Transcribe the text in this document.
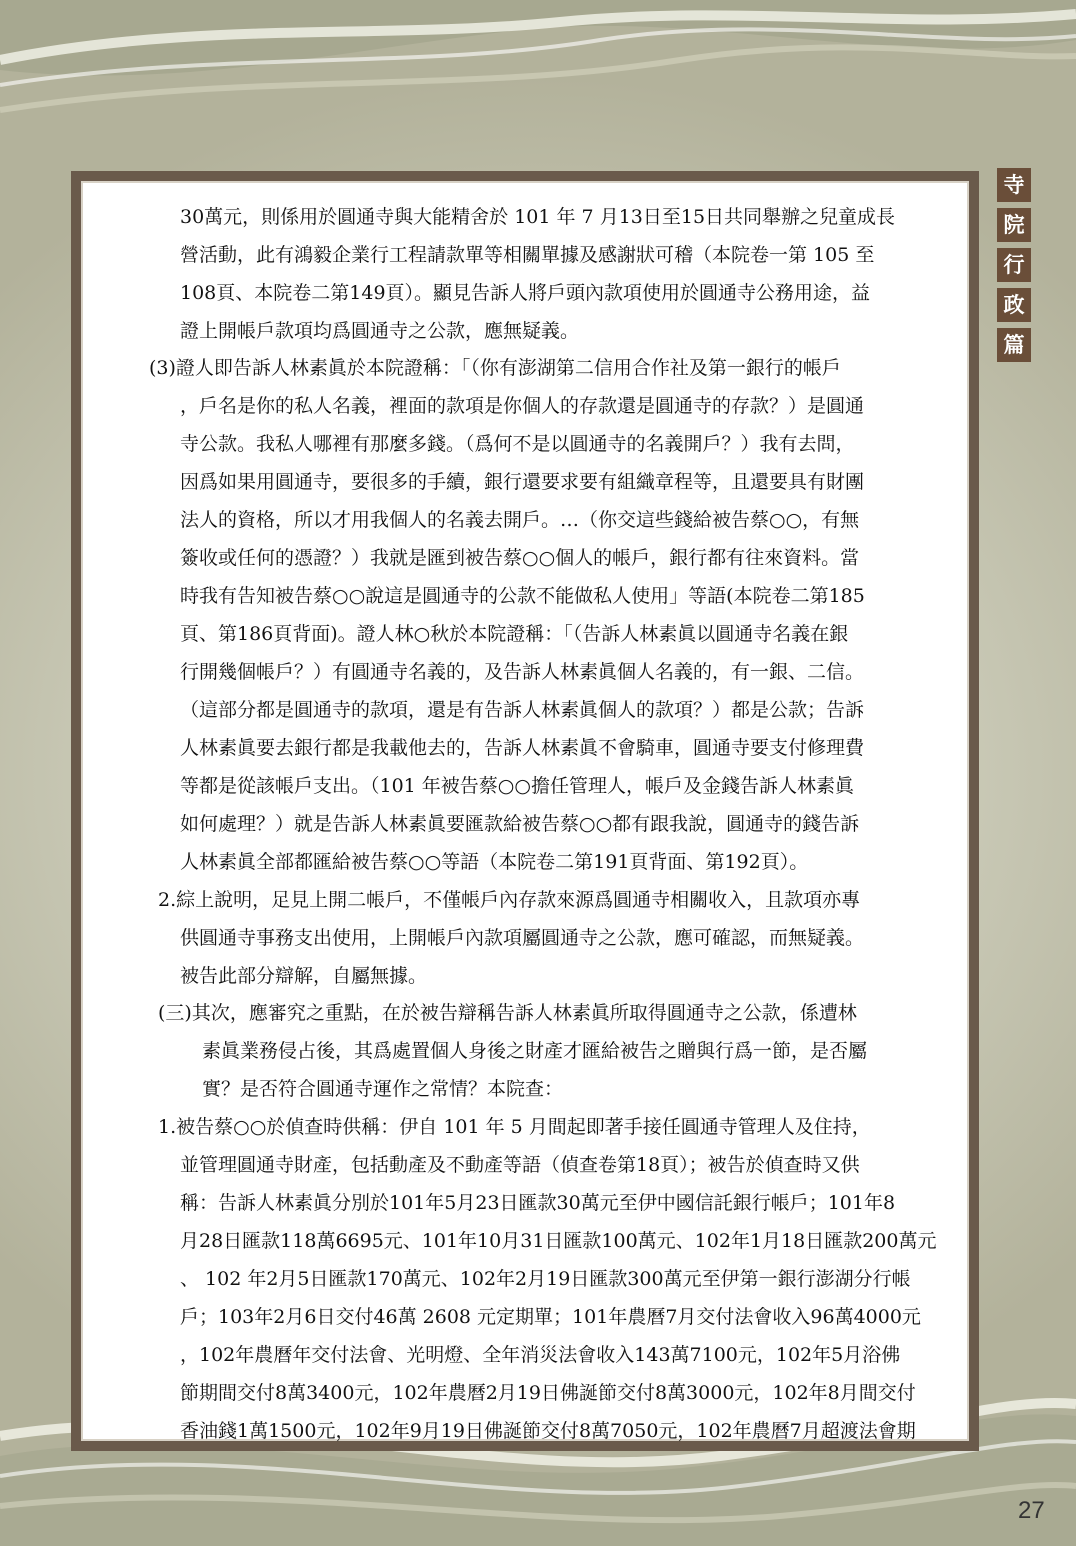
寺
院
行
政
篇
30萬元，則係用於圓通寺與大能精舍於 101 年 7 月13日至15日共同舉辦之兒童成長
營活動，此有鴻毅企業行工程請款單等相關單據及感謝狀可稽（本院卷一第 105 至
108頁、本院卷二第149頁）。顯見告訴人將戶頭內款項使用於圓通寺公務用途，益
證上開帳戶款項均爲圓通寺之公款，應無疑義。
(3)證人即告訴人林素眞於本院證稱：「（你有澎湖第二信用合作社及第一銀行的帳戶
，戶名是你的私人名義，裡面的款項是你個人的存款還是圓通寺的存款？）是圓通
寺公款。我私人哪裡有那麼多錢。（爲何不是以圓通寺的名義開戶？）我有去問，
因爲如果用圓通寺，要很多的手續，銀行還要求要有組織章程等，且還要具有財團
法人的資格，所以才用我個人的名義去開戶。…（你交這些錢給被告蔡○○，有無
簽收或任何的憑證？）我就是匯到被告蔡○○個人的帳戶，銀行都有往來資料。當
時我有告知被告蔡○○說這是圓通寺的公款不能做私人使用」等語(本院卷二第185
頁、第186頁背面)。證人林○秋於本院證稱：「（告訴人林素眞以圓通寺名義在銀
行開幾個帳戶？）有圓通寺名義的，及告訴人林素眞個人名義的，有一銀、二信。
（這部分都是圓通寺的款項，還是有告訴人林素眞個人的款項？）都是公款；告訴
人林素眞要去銀行都是我載他去的，告訴人林素眞不會騎車，圓通寺要支付修理費
等都是從該帳戶支出。（101 年被告蔡○○擔任管理人，帳戶及金錢告訴人林素眞
如何處理？）就是告訴人林素眞要匯款給被告蔡○○都有跟我說，圓通寺的錢告訴
人林素眞全部都匯給被告蔡○○等語（本院卷二第191頁背面、第192頁）。
2.綜上說明，足見上開二帳戶，不僅帳戶內存款來源爲圓通寺相關收入，且款項亦專
供圓通寺事務支出使用，上開帳戶內款項屬圓通寺之公款，應可確認，而無疑義。
被告此部分辯解，自屬無據。
(三)其次，應審究之重點，在於被告辯稱告訴人林素眞所取得圓通寺之公款，係遭林
素眞業務侵占後，其爲處置個人身後之財產才匯給被告之贈與行爲一節，是否屬
實？是否符合圓通寺運作之常情？本院查：
1.被告蔡○○於偵查時供稱：伊自 101 年 5 月間起即著手接任圓通寺管理人及住持，
並管理圓通寺財產，包括動產及不動產等語（偵查卷第18頁）；被告於偵查時又供
稱：告訴人林素眞分別於101年5月23日匯款30萬元至伊中國信託銀行帳戶；101年8
月28日匯款118萬6695元、101年10月31日匯款100萬元、102年1月18日匯款200萬元
、 102 年2月5日匯款170萬元、102年2月19日匯款300萬元至伊第一銀行澎湖分行帳
戶；103年2月6日交付46萬 2608 元定期單；101年農曆7月交付法會收入96萬4000元
，102年農曆年交付法會、光明燈、全年消災法會收入143萬7100元，102年5月浴佛
節期間交付8萬3400元，102年農曆2月19日佛誕節交付8萬3000元，102年8月間交付
香油錢1萬1500元，102年9月19日佛誕節交付8萬7050元，102年農曆7月超渡法會期
27
